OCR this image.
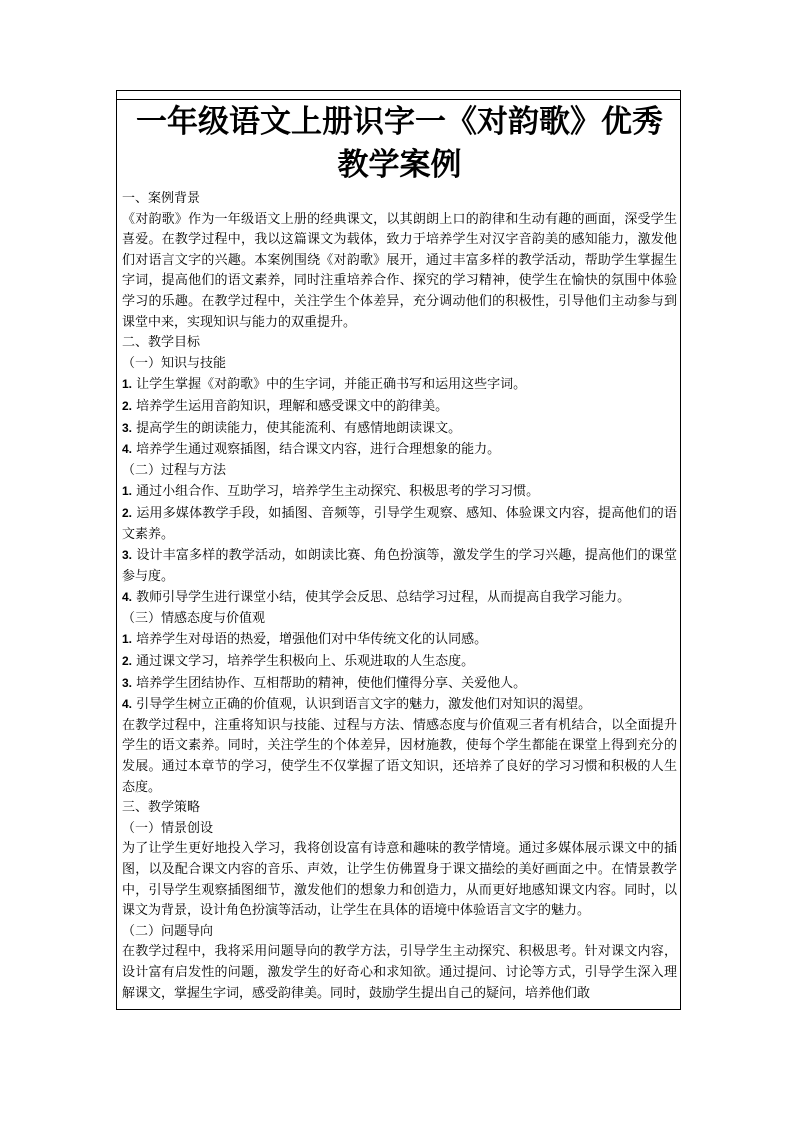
一年级语文上册识字一《对韵歌》优秀教学案例

一、案例背景

《对韵歌》作为一年级语文上册的经典课文，以其朗朗上口的韵律和生动有趣的画面，深受学生喜爱。在教学过程中，我以这篇课文为载体，致力于培养学生对汉字音韵美的感知能力，激发他们对语言文字的兴趣。本案例围绕《对韵歌》展开，通过丰富多样的教学活动，帮助学生掌握生字词，提高他们的语文素养，同时注重培养合作、探究的学习精神，使学生在愉快的氛围中体验学习的乐趣。在教学过程中，关注学生个体差异，充分调动他们的积极性，引导他们主动参与到课堂中来，实现知识与能力的双重提升。

二、教学目标

（一）知识与技能

1. 让学生掌握《对韵歌》中的生字词，并能正确书写和运用这些字词。

2. 培养学生运用音韵知识，理解和感受课文中的韵律美。

3. 提高学生的朗读能力，使其能流利、有感情地朗读课文。

4. 培养学生通过观察插图，结合课文内容，进行合理想象的能力。

（二）过程与方法

1. 通过小组合作、互助学习，培养学生主动探究、积极思考的学习习惯。

2. 运用多媒体教学手段，如插图、音频等，引导学生观察、感知、体验课文内容，提高他们的语文素养。

3. 设计丰富多样的教学活动，如朗读比赛、角色扮演等，激发学生的学习兴趣，提高他们的课堂参与度。

4. 教师引导学生进行课堂小结，使其学会反思、总结学习过程，从而提高自我学习能力。

（三）情感态度与价值观

1. 培养学生对母语的热爱，增强他们对中华传统文化的认同感。

2. 通过课文学习，培养学生积极向上、乐观进取的人生态度。

3. 培养学生团结协作、互相帮助的精神，使他们懂得分享、关爱他人。

4. 引导学生树立正确的价值观，认识到语言文字的魅力，激发他们对知识的渴望。

在教学过程中，注重将知识与技能、过程与方法、情感态度与价值观三者有机结合，以全面提升学生的语文素养。同时，关注学生的个体差异，因材施教，使每个学生都能在课堂上得到充分的发展。通过本章节的学习，使学生不仅掌握了语文知识，还培养了良好的学习习惯和积极的人生态度。

三、教学策略

（一）情景创设

为了让学生更好地投入学习，我将创设富有诗意和趣味的教学情境。通过多媒体展示课文中的插图，以及配合课文内容的音乐、声效，让学生仿佛置身于课文描绘的美好画面之中。在情景教学中，引导学生观察插图细节，激发他们的想象力和创造力，从而更好地感知课文内容。同时，以课文为背景，设计角色扮演等活动，让学生在具体的语境中体验语言文字的魅力。

（二）问题导向

在教学过程中，我将采用问题导向的教学方法，引导学生主动探究、积极思考。针对课文内容，设计富有启发性的问题，激发学生的好奇心和求知欲。通过提问、讨论等方式，引导学生深入理解课文，掌握生字词，感受韵律美。同时，鼓励学生提出自己的疑问，培养他们敢
